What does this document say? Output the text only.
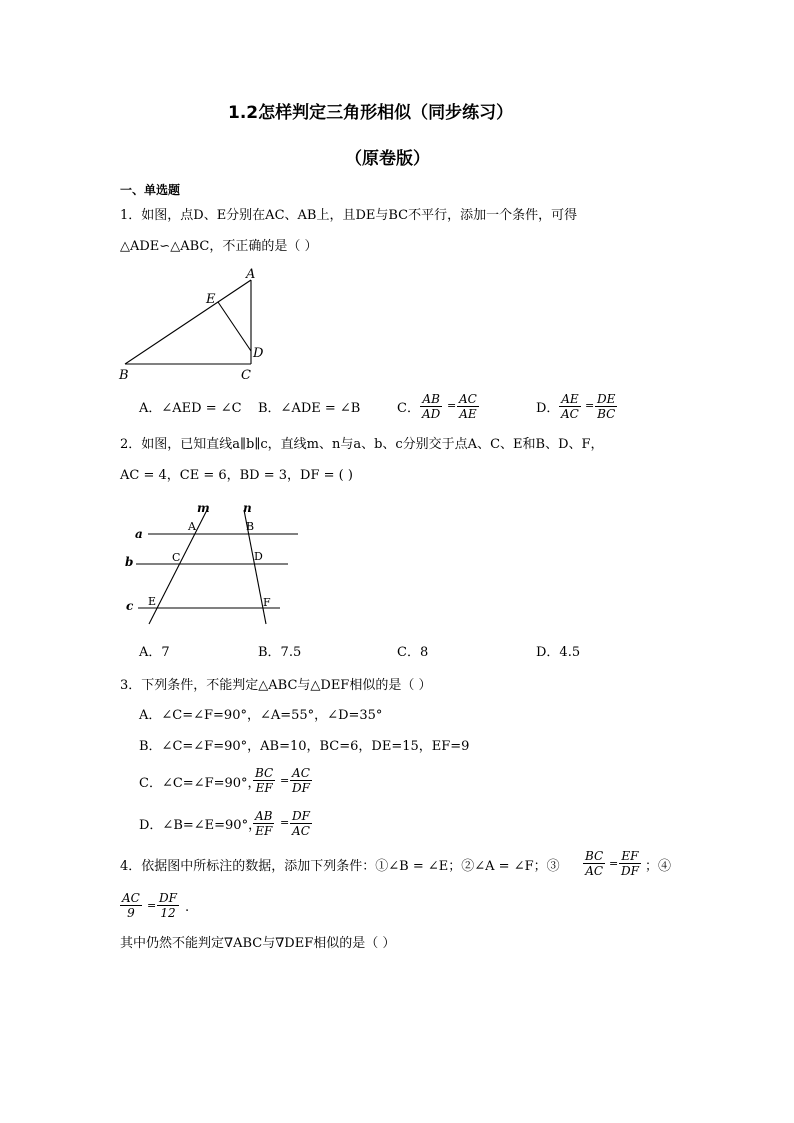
1.2怎样判定三角形相似（同步练习）
（原卷版）
一、单选题
1．如图，点D、E分别在AC、AB上，且DE与BC不平行，添加一个条件，可得
△ADE∽△ABC，不正确的是（ ）
A
E
D
B	C
A．∠AED = ∠C B．∠ADE = ∠B	C． $\frac{AB}{AD} = \frac{AC}{AE}$	D． $\frac{AE}{AC} = \frac{DE}{BC}$
2．如图，已知直线a∥b∥c，直线m、n与a、b、c分别交于点A、C、E和B、D、F，
AC = 4，CE = 6，BD = 3，DF = ( )
m	n
a
b
c
A	B
C	D
E	F
A．7	B．7.5	C．8	D．4.5
3．下列条件，不能判定△ABC与△DEF相似的是（ ）
A．∠C=∠F=90°，∠A=55°，∠D=35°
B．∠C=∠F=90°，AB=10，BC=6，DE=15，EF=9
C．∠C=∠F=90°，
$\frac{BC}{EF} = \frac{AC}{DF}$
D．∠B=∠E=90°，
$\frac{AB}{EF} = \frac{DF}{AC}$
4．依据图中所标注的数据，添加下列条件：①∠B = ∠E；②∠A = ∠F；③ $\frac{BC}{AC} = \frac{EF}{DF}$ ；④
$\frac{AC}{9} = \frac{DF}{12}$ .
其中仍然不能判定∇ABC与∇DEF相似的是（ ）
